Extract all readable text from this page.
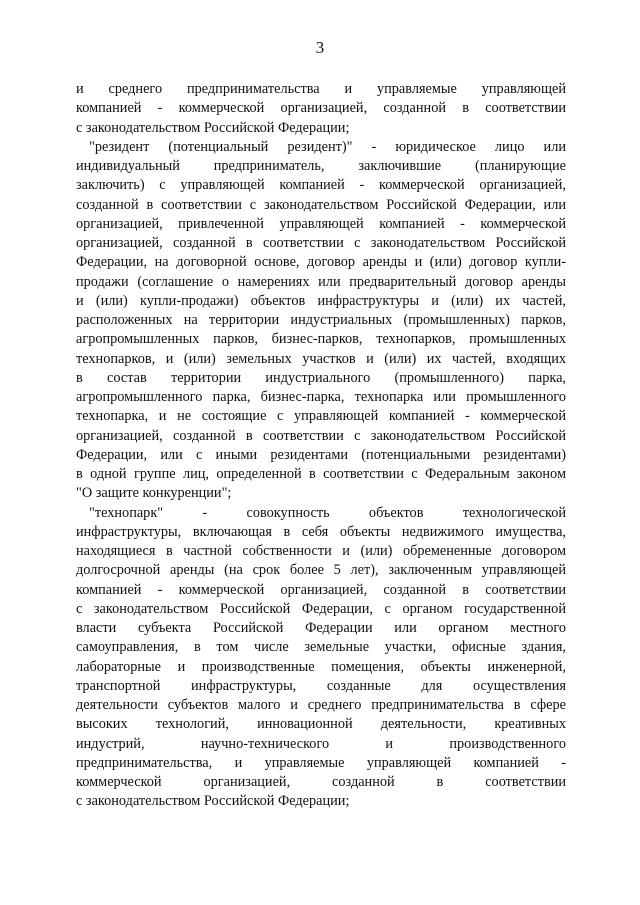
3

и среднего предпринимательства и управляемые управляющей
компанией - коммерческой организацией, созданной в соответствии
с законодательством Российской Федерации;

"резидент (потенциальный резидент)" - юридическое лицо или
индивидуальный предприниматель, заключившие (планирующие
заключить) с управляющей компанией - коммерческой организацией,
созданной в соответствии с законодательством Российской Федерации, или
организацией, привлеченной управляющей компанией - коммерческой
организацией, созданной в соответствии с законодательством Российской
Федерации, на договорной основе, договор аренды и (или) договор купли-
продажи (соглашение о намерениях или предварительный договор аренды
и (или) купли-продажи) объектов инфраструктуры и (или) их частей,
расположенных на территории индустриальных (промышленных) парков,
агропромышленных парков, бизнес-парков, технопарков, промышленных
технопарков, и (или) земельных участков и (или) их частей, входящих
в состав территории индустриального (промышленного) парка,
агропромышленного парка, бизнес-парка, технопарка или промышленного
технопарка, и не состоящие с управляющей компанией - коммерческой
организацией, созданной в соответствии с законодательством Российской
Федерации, или с иными резидентами (потенциальными резидентами)
в одной группе лиц, определенной в соответствии с Федеральным законом
"О защите конкуренции";

"технопарк" - совокупность объектов технологической
инфраструктуры, включающая в себя объекты недвижимого имущества,
находящиеся в частной собственности и (или) обремененные договором
долгосрочной аренды (на срок более 5 лет), заключенным управляющей
компанией - коммерческой организацией, созданной в соответствии
с законодательством Российской Федерации, с органом государственной
власти субъекта Российской Федерации или органом местного
самоуправления, в том числе земельные участки, офисные здания,
лабораторные и производственные помещения, объекты инженерной,
транспортной инфраструктуры, созданные для осуществления
деятельности субъектов малого и среднего предпринимательства в сфере
высоких технологий, инновационной деятельности, креативных
индустрий, научно-технического и производственного
предпринимательства, и управляемые управляющей компанией -
коммерческой организацией, созданной в соответствии
с законодательством Российской Федерации;
